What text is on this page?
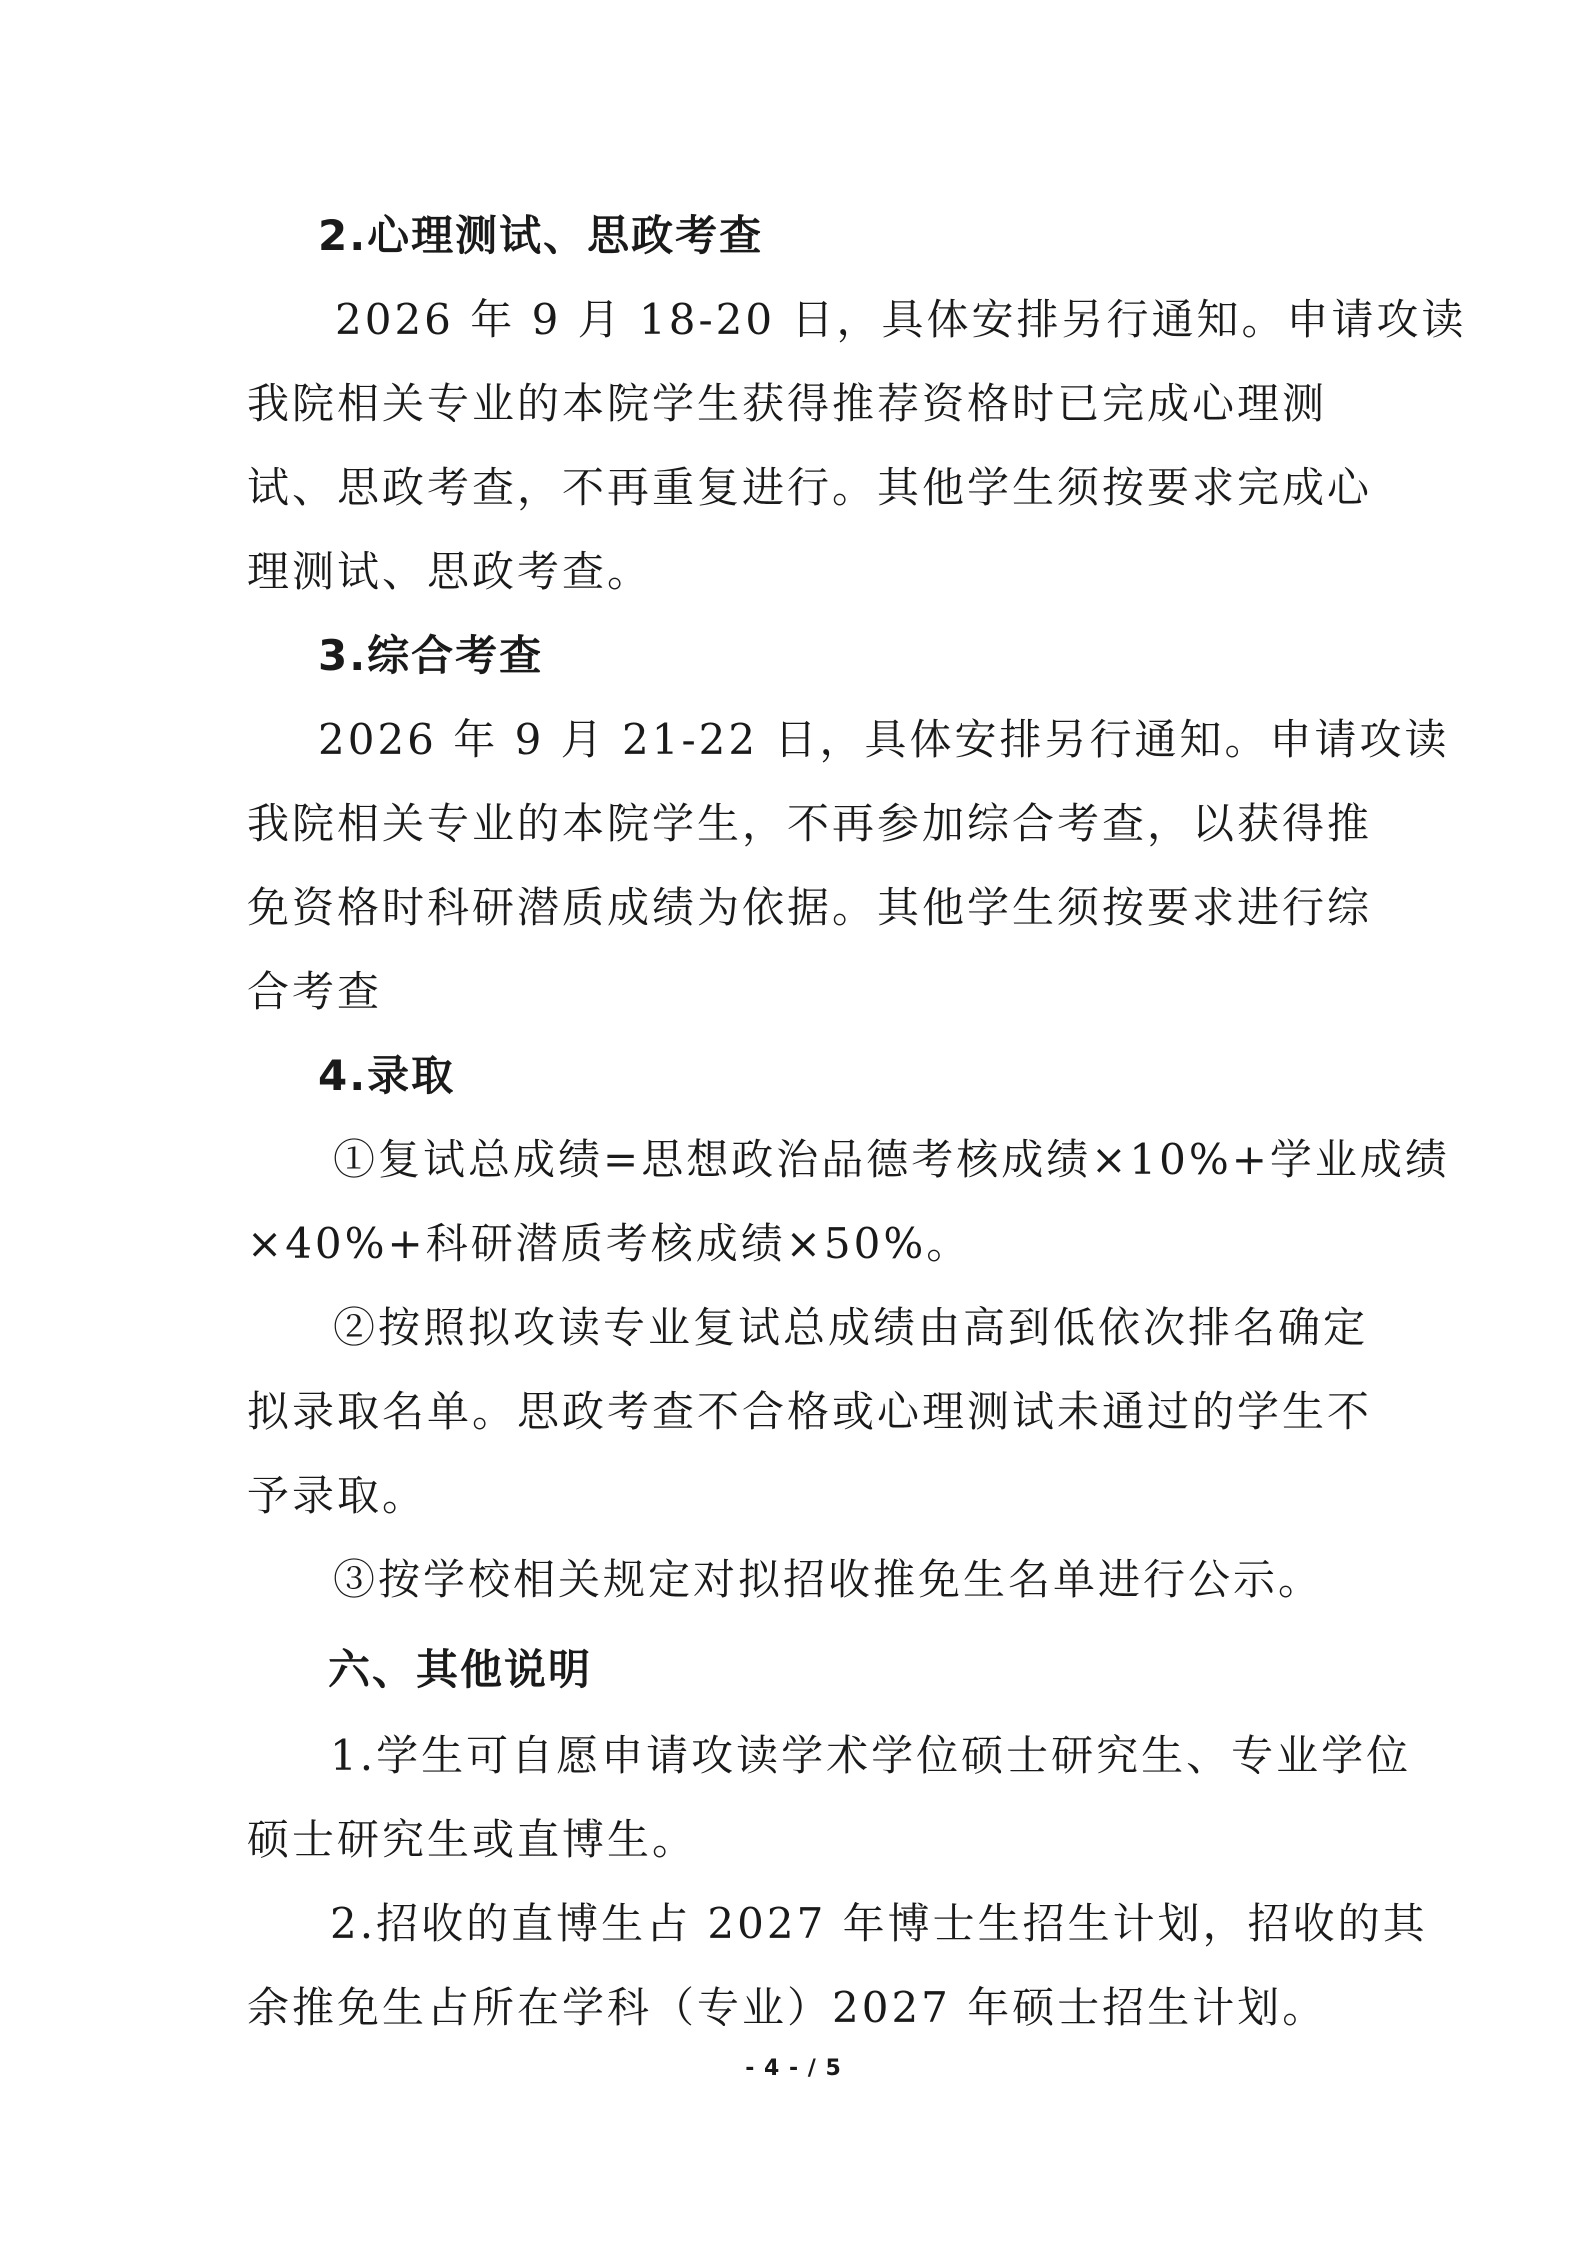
2.心理测试、思政考查
2026 年 9 月 18-20 日，具体安排另行通知。申请攻读
我院相关专业的本院学生获得推荐资格时已完成心理测
试、思政考查，不再重复进行。其他学生须按要求完成心
理测试、思政考查。
3.综合考查
2026 年 9 月 21-22 日，具体安排另行通知。申请攻读
我院相关专业的本院学生，不再参加综合考查，以获得推
免资格时科研潜质成绩为依据。其他学生须按要求进行综
合考查
4.录取
①复试总成绩=思想政治品德考核成绩×10%+学业成绩
×40%+科研潜质考核成绩×50%。
②按照拟攻读专业复试总成绩由高到低依次排名确定
拟录取名单。思政考查不合格或心理测试未通过的学生不
予录取。
③按学校相关规定对拟招收推免生名单进行公示。
六、其他说明
1.学生可自愿申请攻读学术学位硕士研究生、专业学位
硕士研究生或直博生。
2.招收的直博生占 2027 年博士生招生计划，招收的其
余推免生占所在学科（专业）2027 年硕士招生计划。
- 4 - / 5
